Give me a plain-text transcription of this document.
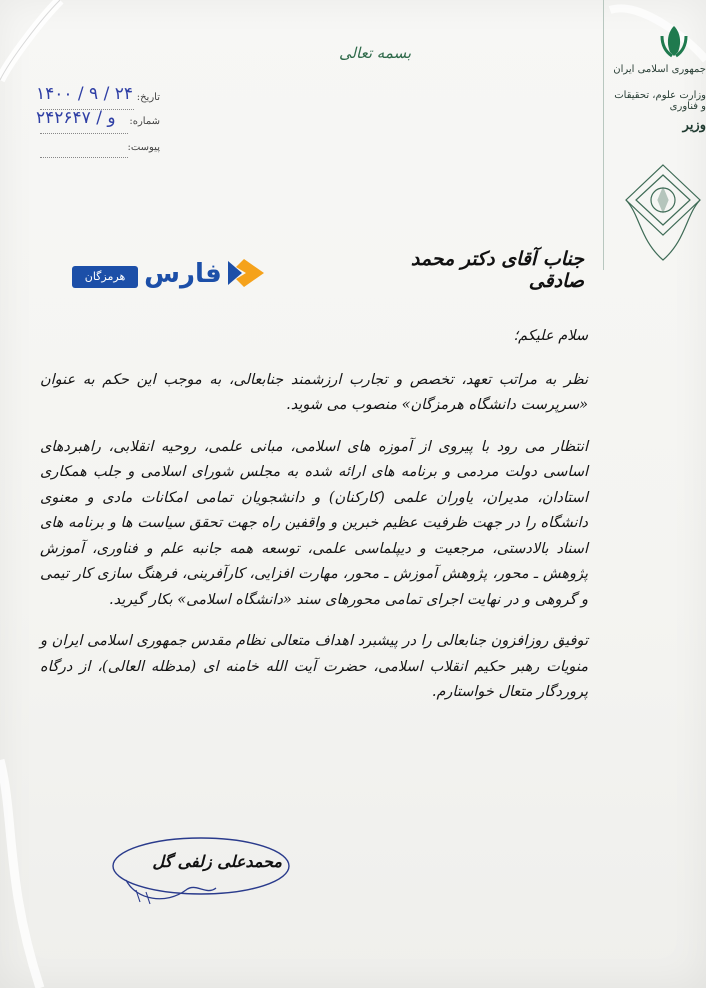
جمهوری اسلامی ایران
وزارت علوم، تحقیقات و فناوری
وزیر
بسمه تعالی
تاریخ:
۱۴۰۰ / ۹ / ۲۴
شماره:
۲۴۲۶۴۷ / و
پیوست:
هرمزگان فارس	جناب آقای دکتر محمد صادقی

سلام علیکم؛

نظر به مراتب تعهد، تخصص و تجارب ارزشمند جنابعالی، به موجب این حکم به عنوان «سرپرست دانشگاه هرمزگان» منصوب می شوید.

انتظار می رود با پیروی از آموزه های اسلامی، مبانی علمی، روحیه انقلابی، راهبردهای اساسی دولت مردمی و برنامه های ارائه شده به مجلس شورای اسلامی و جلب همکاری استادان، مدیران، یاوران علمی (کارکنان) و دانشجویان تمامی امکانات مادی و معنوی دانشگاه را در جهت ظرفیت عظیم خبرین و واقفین راه جهت تحقق سیاست ها و برنامه های اسناد بالادستی، مرجعیت و دیپلماسی علمی، توسعه همه جانبه علم و فناوری، آموزش پژوهش ـ محور، پژوهش آموزش ـ محور، مهارت افزایی، کارآفرینی، فرهنگ سازی کار تیمی و گروهی و در نهایت اجرای تمامی محورهای سند «دانشگاه اسلامی» بکار گیرید.

توفیق روزافزون جنابعالی را در پیشبرد اهداف متعالی نظام مقدس جمهوری اسلامی ایران و منویات رهبر حکیم انقلاب اسلامی، حضرت آیت الله خامنه ای (مدظله العالی)، از درگاه پروردگار متعال خواستارم.

محمدعلی زلفی گل
